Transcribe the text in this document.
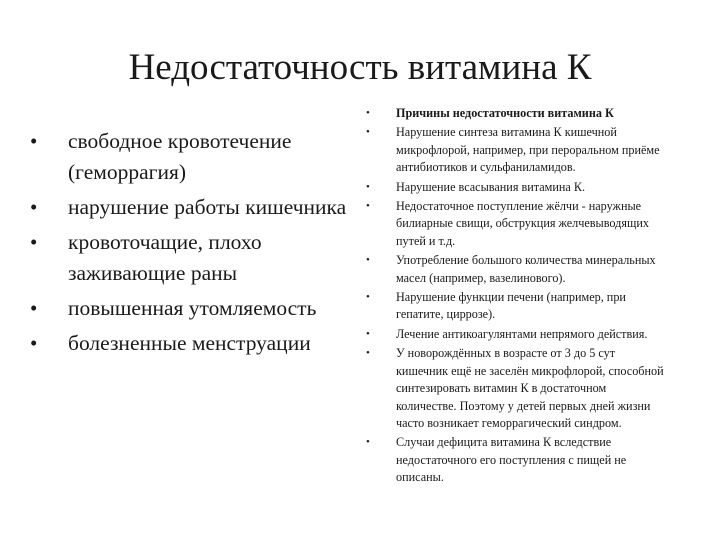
Недостаточность витамина К
•	свободное кровотечение (геморрагия)
•	нарушение работы кишечника
•	кровоточащие, плохо заживающие раны
•	повышенная утомляемость
•	болезненные менструации
•	Причины недостаточности витамина К
•	Нарушение синтеза витамина К кишечной микрофлорой, например, при пероральном приёме антибиотиков и сульфаниламидов.
•	Нарушение всасывания витамина К.
•	Недостаточное поступление жёлчи - наружные билиарные свищи, обструкция желчевыводящих путей и т.д.
•	Употребление большого количества минеральных масел (например, вазелинового).
•	Нарушение функции печени (например, при гепатите, циррозе).
•	Лечение антикоагулянтами непрямого действия.
•	У новорождённых в возрасте от 3 до 5 сут кишечник ещё не заселён микрофлорой, способной синтезировать витамин К в достаточном количестве. Поэтому у детей первых дней жизни часто возникает геморрагический синдром.
•	Случаи дефицита витамина К вследствие недостаточного его поступления с пищей не описаны.
